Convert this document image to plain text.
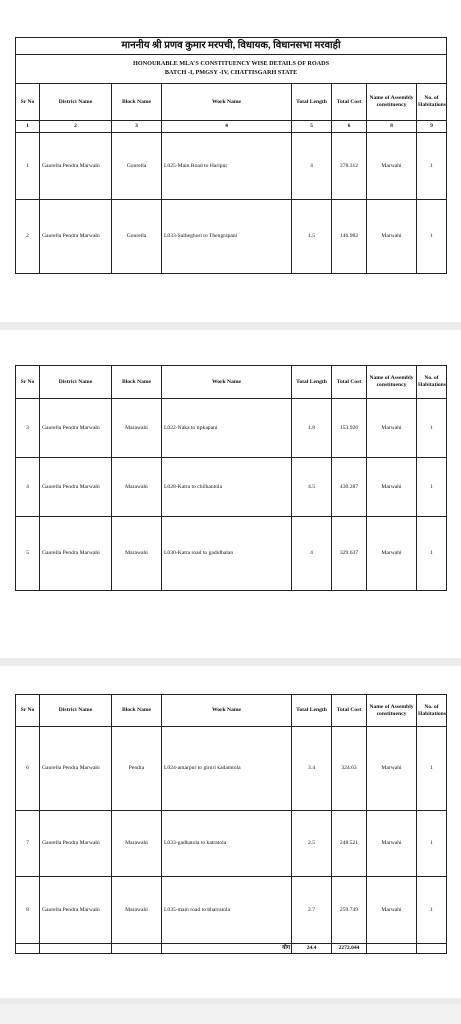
माननीय श्री प्रणव कुमार मरपची, विधायक, विधानसभा मरवाही							
HONOURABLE MLA'S CONSTITUENCY WISE DETAILS OF ROADS
BATCH -I, PMGSY -IV, CHATTISGARH STATE							
Sr No	District Name	Block Name	Work Name	Total Length	Total Cost	Name of Assembly constituency	No. of Habitations
1	2	3	4	5	6	8	9
1	Gaurella Pendra Marwahi	Gourella	L025-Main Road to Haripur	4	378.312	Marwahi	1
2	Gaurella Pendra Marwahi	Gourella	L033-Salheghori to Thengrapani	1.5	146.982	Marwahi	1
Sr No	District Name	Block Name	Work Name	Total Length	Total Cost	Name of Assembly constituency	No. of Habitations
3	Gaurella Pendra Marwahi	Marawahi	L022-Naka to tipkapani	1.8	153.926	Marwahi	1
4	Gaurella Pendra Marwahi	Marawahi	L028-Katra to chilhantola	4.5	430.287	Marwahi	1
5	Gaurella Pendra Marwahi	Marawahi	L030-Katra road to gadidhalan	4	329.637	Marwahi	1
Sr No	District Name	Block Name	Work Name	Total Length	Total Cost	Name of Assembly constituency	No. of Habitations
6	Gaurella Pendra Marwahi	Pendra	L024-amarpur to giruri kadamtola	3.4	324.63	Marwahi	1
7	Gaurella Pendra Marwahi	Marawahi	L033-gadhatola to katratola	2.5	248.521	Marwahi	1
8	Gaurella Pendra Marwahi	Marawahi	L035-main road to bharratola	2.7	259.749	Marwahi	1
			योग	24.4	2272.044		
